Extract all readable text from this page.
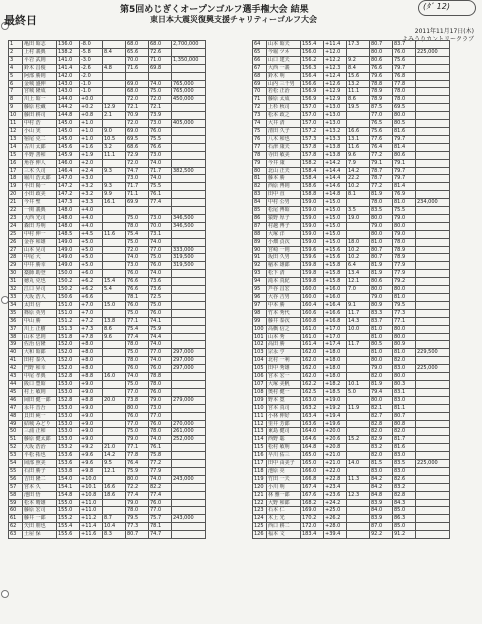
第5回めじぎくオープンゴルフ選手権大会 結果
東日本大震災復興支援チャリティーゴルフ大会
最終日
(ﾀﾞ 12)
2011年11月17日(木)
よみうりカントリークラブ
1	亀田 昭志	136.0	-8.0		68.0	68.0	2,700,000
2	上村 義典	138.2	-5.8	8.4	65.6	72.6	
3	平岩 武則	141.0	-3.0		70.0	71.0	1,350,000
4	鈴木 昌俊	141.4	-2.6	4.8	71.6	69.8	
5	阿部 勝則	142.0	-2.0				
6	金城 盛伸	143.0	-1.0		69.0	74.0	765,000
7	宮城 隆成	143.0	-1.0		68.0	75.0	765,000
8	川上 昭一	144.0	+0.0		72.0	72.0	450,000
9	藤原 松蔵	144.2	+0.2	12.9	72.1	72.1	
10	藤田 耕司	144.8	+0.8	2.1	70.9	73.9	
11	中村 浩	145.0	+1.0		72.0	73.0	405,000
12	小山 実	145.0	+1.0	9.0	69.0	76.0	
13	宿尾 克二	145.0	+1.0	10.5	69.5	75.5	
14	古川 太郎	145.6	+1.6	3.2	68.6	76.6	
15	平野 善和	145.9	+1.9	11.1	72.9	73.0	
16	角谷 伸人	146.0	+2.0		72.0	74.0	
17	三木 久司	146.4	+2.4	9.3	74.7	71.7	382,500
18	堀川 浩太郎	147.0	+3.0		73.0	74.0	
19	平田 陽一	147.2	+3.2	9.3	71.7	75.5	
20	小田 政美	147.2	+3.2	9.9	71.1	76.1	
21	今井 聖	147.3	+3.3	16.1	69.9	77.4	
22	一関 義典	148.0	+4.0				
23	大西 光司	148.0	+4.0		75.0	73.0	346,500
24	森田 寿明	148.0	+4.0		78.0	70.0	346,500
25	中村 伸一	148.5	+4.5	11.6	75.4	73.1	
26	金谷 和雄	149.0	+5.0		75.0	74.0	
27	山本 晃司	149.0	+5.0		72.0	77.0	333,000
28	中尾 大	149.0	+5.0		74.0	75.0	319,500
29	中井 勝幸	149.0	+5.0		73.0	76.0	319,500
30	薬師 助登	150.0	+6.0		76.0	74.0	
31	徳丸 克也	150.2	+6.2	15.4	76.6	73.6	
32	江口 昇司	150.2	+6.2	5.4	76.6	73.6	
33	大坂 浩人	150.6	+6.6		78.1	72.5	
34	太田 信	151.0	+7.0	15.0	76.0	75.0	
35	篠原 英男	151.0	+7.0		75.0	76.0	
36	中山 勝	151.2	+7.2	13.8	77.1	74.1	
37	川上 正樹	151.3	+7.3	8.6	75.4	75.9	
38	山本 忠則	151.8	+7.8	9.6	77.4	74.4	
39	佐治 信隆	152.0	+8.0		78.0	74.0	
40	大和 昭郎	152.0	+8.0		75.0	77.0	297,000
41	田村 泰久	152.0	+8.0		78.0	74.0	297,000
42	門野 和幸	152.0	+8.0		76.0	76.0	297,000
43	中尾 孝典	152.8	+8.8	16.0	74.0	78.8	
44	阪口 豊昭	153.0	+9.0		75.0	78.0	
45	村上 敏則	153.0	+9.0		77.0	76.0	
46	岡田 健一郎	152.8	+8.8	20.0	73.8	79.0	279,000
47	永井 晋吾	153.0	+9.0		80.0	73.0	
48	貝田 純一	153.0	+9.0		76.0	77.0	
49	結城 みどり	153.0	+9.0		77.0	76.0	270,000
50	三浦 正和	153.0	+9.0		75.0	78.0	261,000
51	藤原 健太郎	153.0	+9.0		79.0	74.0	252,000
52	大坂 浩治	153.2	+9.2	21.0	77.1	76.1	
53	平松 拓也	153.6	+9.6	14.2	77.8	75.8	
54	岡部 照美	153.6	+9.6	9.5	76.4	77.2	
55	石田 勝子	153.8	+9.8	12.1	75.9	77.9	
56	吉田 隆二	154.0	+10.0		80.0	74.0	243,000
57	宮本 久	154.1	+10.1	16.6	72.2	82.2	
58	池田 悟	154.8	+10.8	18.6	77.4	77.4	
59	松本 晴雄	155.0	+11.0		79.0	76.0	
60	藤原 宏司	155.0	+11.0		78.0	77.0	
61	藤井 一郎	155.2	+11.2	8.7	79.5	75.7	243,000
62	矢田 朋也	155.4	+11.4	10.4	77.3	78.1	
63	土屋 保	155.6	+11.6	8.3	80.7	74.7	
64	山本 昭夫	155.4	+11.4	17.3	80.7	83.7	
65	今堀 ツネ	156.0	+12.0		80.0	76.0	225,000
66	山口 建夫	156.2	+12.2	9.2	80.6	75.6	
67	大西 一義	156.3	+12.3	8.4	76.6	79.7	
68	鈴木 明	156.4	+12.4	15.6	79.6	76.8	
69	山内 三千男	156.6	+12.6	13.2	78.8	77.8	
70	若松 正治	156.9	+12.9	11.1	78.9	78.0	
71	藤原 太成	156.9	+12.9	8.6	78.9	78.0	
72	上杉 秋司	157.0	+13.0	19.5	87.5	69.5	
73	松本 政之	157.0	+13.0		77.0	80.0	
74	大井 清	157.0	+13.0		76.5	80.5	
75	清田 久子	157.2	+13.2	16.6	75.6	81.6	
76	八木 和也	157.3	+13.3	13.1	77.6	79.7	
77	石津 康夫	157.8	+13.8	11.6	76.4	81.4	
78	寺田 敏美	157.8	+13.8	9.6	77.2	80.6	
79	今井 康	158.2	+14.2	7.9	79.1	79.1	
80	北山 正夫	158.4	+14.4	14.2	78.7	79.7	
81	藤本 勝	158.4	+14.4	22.2	78.7	79.7	
82	西原 博則	158.6	+14.6	10.2	77.2	81.4	
83	田中 直	158.8	+14.8	8.1	81.9	76.9	
84	中村 公男	159.0	+15.0		78.0	81.0	234,000
85	松尾 博昭	159.0	+15.0	3.5	83.5	75.5	
86	猿野 厚子	159.0	+15.0	19.0	80.0	79.0	
87	村越 博子	159.0	+15.0		79.0	80.0	
88	大塚 洋	159.0	+15.0		80.0	79.0	
89	小畑 貞次	159.0	+15.0	18.0	81.0	78.0	
90	宮崎 一則	159.6	+15.6	10.2	80.7	78.9	
91	坂田 久男	159.6	+15.6	10.2	80.7	78.9	
92	稲本 雄郎	159.8	+15.8	6.4	81.9	77.9	
93	松下 清	159.8	+15.8	13.4	81.9	77.9	
94	滝本 真紀	159.8	+15.8	12.1	80.6	79.2	
95	芦谷 昌宏	160.0	+16.0	7.0	80.0	80.0	
96	大谷 吉男	160.0	+16.0		79.0	81.0	
97	中本 勝	160.4	+16.4	9.1	80.9	79.5	
98	竹本 秀代	160.6	+16.6	11.7	83.3	77.3	
99	藤井 泰次	160.8	+16.8	14.3	83.7	77.1	
100	高橋 信之	161.0	+17.0	10.0	81.0	80.0	
101	山本 秀	161.0	+17.0		81.0	80.0	
102	高田 勝	161.4	+17.4	11.7	80.5	80.9	
103	宗永 亨	162.0	+18.0		81.0	81.0	229,500
104	北村 一利	162.0	+18.0		80.0	82.0	
105	田中 秀雄	162.0	+18.0		79.0	83.0	225,000
106	宮本 宏一	162.0	+18.0		82.0	80.0	
107	大塚 美帆	162.2	+18.2	10.1	81.9	80.3	
108	奥村 健一	162.5	+18.5	5.0	79.4	83.1	
109	野本 寛	163.0	+19.0		80.0	83.0	
110	宮本 真司	163.2	+19.2	11.9	82.1	81.1	
111	小林 伸好	163.4	+19.4		82.7	80.7	
112	里井 芳郎	163.6	+19.6		82.8	80.8	
113	東島 健司	164.0	+20.0		82.0	82.0	
114	西野 聡	164.6	+20.6	15.2	82.9	81.7	
115	松村 敏明	164.8	+20.8		83.2	81.6	
116	早川 佑三	165.0	+21.0		82.0	83.0	
117	田中 由美子	165.0	+21.0	14.0	81.5	83.5	225,000
118	池原 亮	166.0	+22.0		83.0	83.0	
119	竹田 一夫	166.8	+22.8	11.3	84.2	82.6	
120	小川 明	167.4	+23.4		84.2	83.2	
121	林 雅一郎	167.6	+23.6	12.3	84.8	82.8	
122	大野 和郎	168.2	+24.2		83.9	84.3	
123	石本 仁	169.0	+25.0		84.0	85.0	
124	木上 光	170.2	+26.2		83.9	86.3	
125	西口 耕二	172.0	+28.0		87.0	85.0	
126	福本 文	183.4	+39.4		92.2	91.2	
